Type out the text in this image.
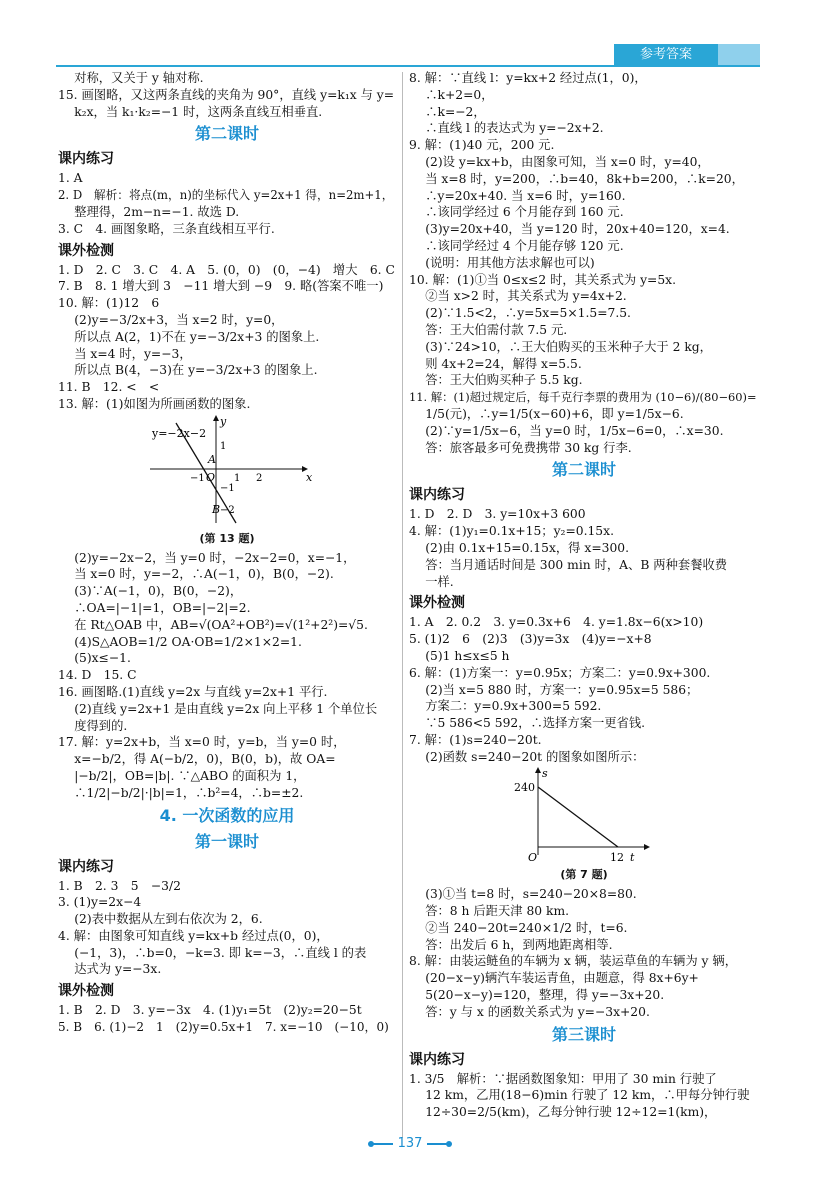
参考答案

　 对称，又关于 y 轴对称.

15. 画图略，又这两条直线的夹角为 90°，直线 y=k₁x 与 y=

　 k₂x，当 k₁·k₂=−1 时，这两条直线互相垂直.

第二课时
课内练习

1. A

2. D　解析：将点(m，n)的坐标代入 y=2x+1 得，n=2m+1，

　 整理得，2m−n=−1. 故选 D.

3. C　4. 画图象略，三条直线相互平行.

课外检测

1. D　2. C　3. C　4. A　5. (0，0)　(0，−4)　增大　6. C

7. B　8. 1 增大到 3　−11 增大到 −9　9. 略(答案不唯一)

10. 解：(1)12　6

　 (2)y=−3/2x+3，当 x=2 时，y=0，

　 所以点 A(2，1)不在 y=−3/2x+3 的图象上.

　 当 x=4 时，y=−3，

　 所以点 B(4，−3)在 y=−3/2x+3 的图象上.

11. B　12. <　<

13. 解：(1)如图为所画函数的图象.

x
y
y=−2x−2
O
A
B
−1	1 2
1
−1
−2
(第 13 题)

　 (2)y=−2x−2，当 y=0 时，−2x−2=0，x=−1，

　 当 x=0 时，y=−2，∴A(−1，0)，B(0，−2).

　 (3)∵A(−1，0)，B(0，−2)，

　 ∴OA=|−1|=1，OB=|−2|=2.

　 在 Rt△OAB 中，AB=√(OA²+OB²)=√(1²+2²)=√5.

　 (4)S△AOB=1/2 OA·OB=1/2×1×2=1.

　 (5)x≤−1.

14. D　15. C

16. 画图略.(1)直线 y=2x 与直线 y=2x+1 平行.

　 (2)直线 y=2x+1 是由直线 y=2x 向上平移 1 个单位长

　 度得到的.

17. 解：y=2x+b，当 x=0 时，y=b，当 y=0 时，

　 x=−b/2，得 A(−b/2，0)，B(0，b)，故 OA=

　 |−b/2|，OB=|b|. ∵△ABO 的面积为 1，

　 ∴1/2|−b/2|·|b|=1，∴b²=4，∴b=±2.

4. 一次函数的应用
第一课时
课内练习

1. B　2. 3　5　−3/2

3. (1)y=2x−4

　 (2)表中数据从左到右依次为 2，6.

4. 解：由图象可知直线 y=kx+b 经过点(0，0)，

　 (−1，3)，∴b=0，−k=3. 即 k=−3，∴直线 l 的表

　 达式为 y=−3x.

课外检测

1. B　2. D　3. y=−3x　4. (1)y₁=5t　(2)y₂=20−5t

5. B　6. (1)−2　1　(2)y=0.5x+1　7. x=−10　(−10，0)

8. 解：∵直线 l：y=kx+2 经过点(1，0)，

　 ∴k+2=0，

　 ∴k=−2，

　 ∴直线 l 的表达式为 y=−2x+2.

9. 解：(1)40 元，200 元.

　 (2)设 y=kx+b，由图象可知，当 x=0 时，y=40，

　 当 x=8 时，y=200，∴b=40，8k+b=200，∴k=20，

　 ∴y=20x+40. 当 x=6 时，y=160.

　 ∴该同学经过 6 个月能存到 160 元.

　 (3)y=20x+40，当 y=120 时，20x+40=120，x=4.

　 ∴该同学经过 4 个月能存够 120 元.

　 (说明：用其他方法求解也可以)

10. 解：(1)①当 0≤x≤2 时，其关系式为 y=5x.

　 ②当 x>2 时，其关系式为 y=4x+2.

　 (2)∵1.5<2，∴y=5x=5×1.5=7.5.

　 答：王大伯需付款 7.5 元.

　 (3)∵24>10，∴王大伯购买的玉米种子大于 2 kg，

　 则 4x+2=24，解得 x=5.5.

　 答：王大伯购买种子 5.5 kg.

11. 解：(1)超过规定后，每千克行李票的费用为 (10−6)/(80−60)=

　 1/5(元)，∴y=1/5(x−60)+6，即 y=1/5x−6.

　 (2)∵y=1/5x−6，当 y=0 时，1/5x−6=0，∴x=30.

　 答：旅客最多可免费携带 30 kg 行李.

第二课时
课内练习

1. D　2. D　3. y=10x+3 600

4. 解：(1)y₁=0.1x+15；y₂=0.15x.

　 (2)由 0.1x+15=0.15x，得 x=300.

　 答：当月通话时间是 300 min 时，A、B 两种套餐收费

　 一样.

课外检测

1. A　2. 0.2　3. y=0.3x+6　4. y=1.8x−6(x>10)

5. (1)2　6　(2)3　(3)y=3x　(4)y=−x+8

　 (5)1 h≤x≤5 h

6. 解：(1)方案一：y=0.95x；方案二：y=0.9x+300.

　 (2)当 x=5 880 时，方案一：y=0.95x=5 586；

　 方案二：y=0.9x+300=5 592.

　 ∵5 586<5 592，∴选择方案一更省钱.

7. 解：(1)s=240−20t.

　 (2)函数 s=240−20t 的图象如图所示：

240
s
O	12 t
(第 7 题)

　 (3)①当 t=8 时，s=240−20×8=80.

　 答：8 h 后距天津 80 km.

　 ②当 240−20t=240×1/2 时，t=6.

　 答：出发后 6 h，到两地距离相等.

8. 解：由装运鲢鱼的车辆为 x 辆，装运草鱼的车辆为 y 辆，

　 (20−x−y)辆汽车装运青鱼，由题意，得 8x+6y+

　 5(20−x−y)=120，整理，得 y=−3x+20.

　 答：y 与 x 的函数关系式为 y=−3x+20.

第三课时
课内练习

1. 3/5　解析：∵据函数图象知：甲用了 30 min 行驶了

　 12 km，乙用(18−6)min 行驶了 12 km，∴甲每分钟行驶

　 12÷30=2/5(km)，乙每分钟行驶 12÷12=1(km)，

137
